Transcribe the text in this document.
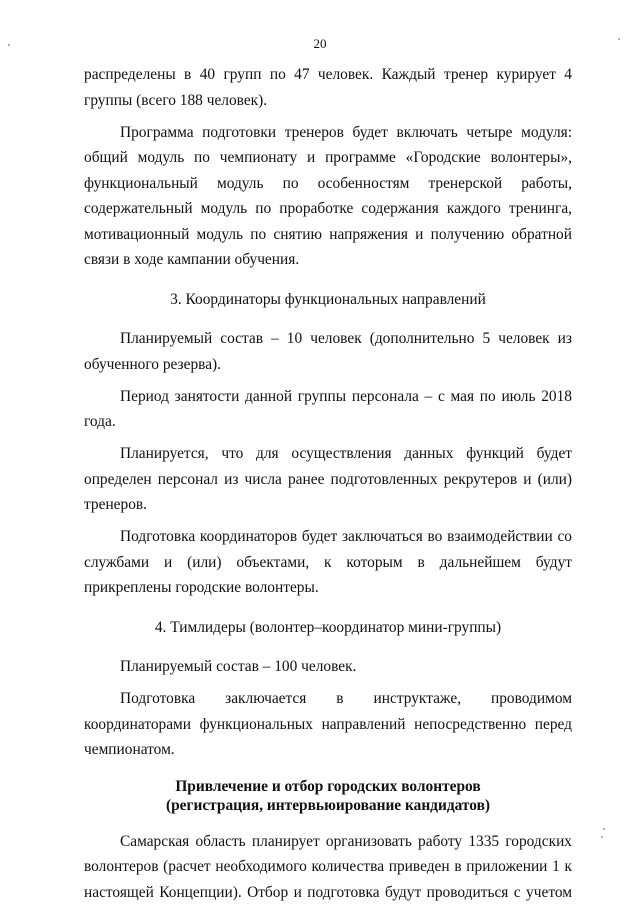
20

распределены в 40 групп по 47 человек. Каждый тренер курирует 4 группы (всего 188 человек).

Программа подготовки тренеров будет включать четыре модуля: общий модуль по чемпионату и программе «Городские волонтеры», функциональный модуль по особенностям тренерской работы, содержательный модуль по проработке содержания каждого тренинга, мотивационный модуль по снятию напряжения и получению обратной связи в ходе кампании обучения.

3. Координаторы функциональных направлений

Планируемый состав – 10 человек (дополнительно 5 человек из обученного резерва).

Период занятости данной группы персонала – с мая по июль 2018 года.

Планируется, что для осуществления данных функций будет определен персонал из числа ранее подготовленных рекрутеров и (или) тренеров.

Подготовка координаторов будет заключаться во взаимодействии со службами и (или) объектами, к которым в дальнейшем будут прикреплены городские волонтеры.

4. Тимлидеры (волонтер–координатор мини-группы)

Планируемый состав – 100 человек.

Подготовка заключается в инструктаже, проводимом координаторами функциональных направлений непосредственно перед чемпионатом.

Привлечение и отбор городских волонтеров

(регистрация, интервьюирование кандидатов)

Самарская область планирует организовать работу 1335 городских волонтеров (расчет необходимого количества приведен в приложении 1 к настоящей Концепции). Отбор и подготовка будут проводиться с учетом
